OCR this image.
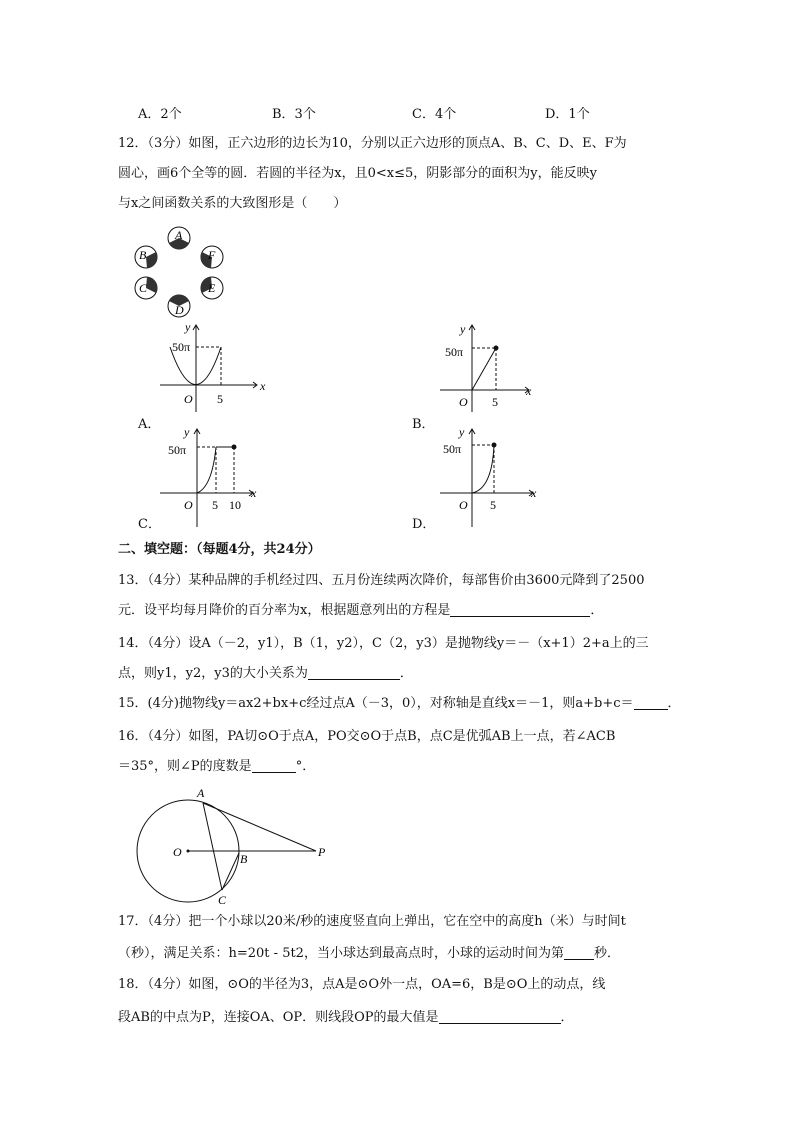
A．2个	B．3个	C．4个	D．1个
12．（3分）如图，正六边形的边长为10，分别以正六边形的顶点A、B、C、D、E、F为
圆心，画6个全等的圆．若圆的半径为x，且0<x≤5，阴影部分的面积为y，能反映y
与x之间函数关系的大致图形是（　　）
A
B
C
D
E
F
y
x
O
50π
5
A．
y
x
O
50π
5
B．
y
x
O
50π
5 10
C．
y
x
O
50π
5
D．
二、填空题：（每题4分，共24分）
13．（4分）某种品牌的手机经过四、五月份连续两次降价，每部售价由3600元降到了2500
元．设平均每月降价的百分率为x，根据题意列出的方程是	．
14．（4分）设A（－2，y1），B（1，y2），C（2，y3）是抛物线y＝－（x+1）2+a上的三
点，则y1，y2，y3的大小关系为	．
15．(4分)抛物线y＝ax2+bx+c经过点A（－3，0），对称轴是直线x＝－1，则a+b+c＝	．
16．（4分）如图，PA切⊙O于点A，PO交⊙O于点B，点C是优弧AB上一点，若∠ACB
＝35°，则∠P的度数是	°．
A
O	B	P
C
17．（4分）把一个小球以20米/秒的速度竖直向上弹出，它在空中的高度h（米）与时间t
（秒），满足关系：h=20t - 5t2，当小球达到最高点时，小球的运动时间为第 秒．
18．（4分）如图，⊙O的半径为3，点A是⊙O外一点，OA=6，B是⊙O上的动点，线
段AB的中点为P，连接OA、OP．则线段OP的最大值是	．
